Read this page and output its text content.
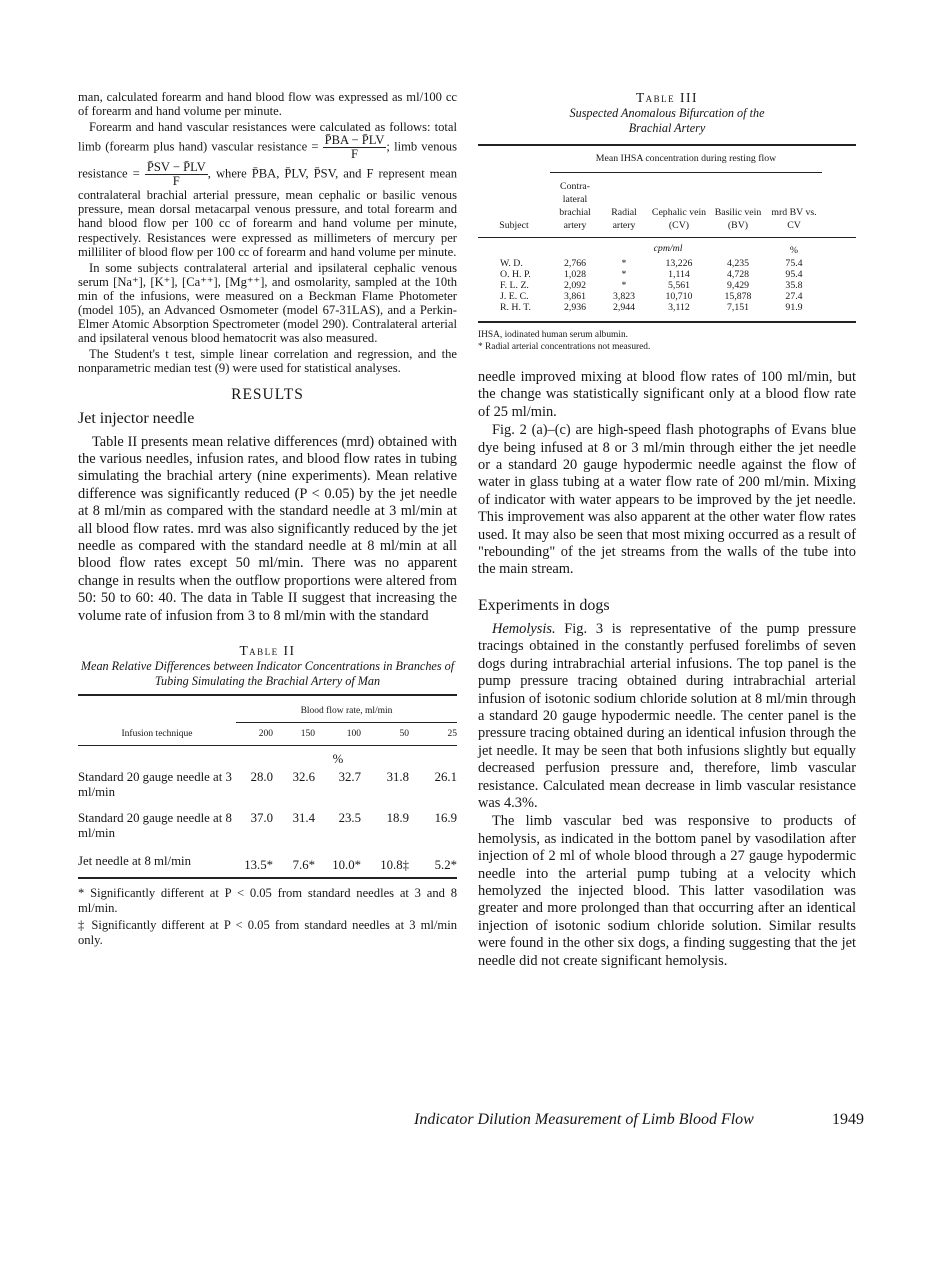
man, calculated forearm and hand blood flow was expressed as ml/100 cc of forearm and hand volume per minute.

Forearm and hand vascular resistances were calculated as follows: total limb (forearm plus hand) vascular resistance = $\frac{P̄BA - P̄LV}{F}$ ; limb venous resistance = $\frac{P̄SV - P̄LV}{F}$ , where P̄BA, P̄LV, P̄SV, and F represent mean contralateral brachial arterial pressure, mean cephalic or basilic venous pressure, mean dorsal metacarpal venous pressure, and total forearm and hand blood flow per 100 cc of forearm and hand volume per minute, respectively. Resistances were expressed as millimeters of mercury per milliliter of blood flow per 100 cc of forearm and hand volume per minute.

In some subjects contralateral arterial and ipsilateral cephalic venous serum [Na⁺], [K⁺], [Ca⁺⁺], [Mg⁺⁺], and osmolarity, sampled at the 10th min of the infusions, were measured on a Beckman Flame Photometer (model 105), an Advanced Osmometer (model 67-31LAS), and a Perkin-Elmer Atomic Absorption Spectrometer (model 290). Contralateral arterial and ipsilateral venous blood hematocrit was also measured.

The Student's t test, simple linear correlation and regression, and the nonparametric median test (9) were used for statistical analyses.

RESULTS
Jet injector needle

Table II presents mean relative differences (mrd) obtained with the various needles, infusion rates, and blood flow rates in tubing simulating the brachial artery (nine experiments). Mean relative difference was significantly reduced (P < 0.05) by the jet needle at 8 ml/min as compared with the standard needle at 3 ml/min at all blood flow rates. mrd was also significantly reduced by the jet needle as compared with the standard needle at 8 ml/min at all blood flow rates except 50 ml/min. There was no apparent change in results when the outflow proportions were altered from 50: 50 to 60: 40. The data in Table II suggest that increasing the volume rate of infusion from 3 to 8 ml/min with the standard

Table II
Mean Relative Differences between Indicator Concentrations in Branches of Tubing Simulating the Brachial Artery of Man
	Blood flow rate, ml/min				
Infusion technique	200	150	100	50	25

			%		
Standard 20 gauge needle at 3 ml/min	28.0	32.6	32.7	31.8	26.1
Standard 20 gauge needle at 8 ml/min	37.0	31.4	23.5	18.9	16.9
Jet needle at 8 ml/min	13.5*	7.6*	10.0*	10.8‡	5.2*

* Significantly different at P < 0.05 from standard needles at 3 and 8 ml/min.

‡ Significantly different at P < 0.05 from standard needles at 3 ml/min only.

Table III
Suspected Anomalous Bifurcation of the Brachial Artery

	Mean IHSA concentration during resting flow					

Subject	Contra-lateral brachial artery	Radial artery	Cephalic vein (CV)	Basilic vein (BV)	mrd BV vs. CV	

	cpm/ml				%	
W. D.	2,766	*	13,226	4,235	75.4	
O. H. P.	1,028	*	1,114	4,728	95.4	
F. L. Z.	2,092	*	5,561	9,429	35.8	
J. E. C.	3,861	3,823	10,710	15,878	27.4	
R. H. T.	2,936	2,944	3,112	7,151	91.9	

IHSA, iodinated human serum albumin.

* Radial arterial concentrations not measured.

needle improved mixing at blood flow rates of 100 ml/min, but the change was statistically significant only at a blood flow rate of 25 ml/min.

Fig. 2 (a)–(c) are high-speed flash photographs of Evans blue dye being infused at 8 or 3 ml/min through either the jet needle or a standard 20 gauge hypodermic needle against the flow of water in glass tubing at a water flow rate of 200 ml/min. Mixing of indicator with water appears to be improved by the jet needle. This improvement was also apparent at the other water flow rates used. It may also be seen that most mixing occurred as a result of "rebounding" of the jet streams from the walls of the tube into the main stream.

Experiments in dogs

Hemolysis. Fig. 3 is representative of the pump pressure tracings obtained in the constantly perfused forelimbs of seven dogs during intrabrachial arterial infusions. The top panel is the pump pressure tracing obtained during intrabrachial arterial infusion of isotonic sodium chloride solution at 8 ml/min through a standard 20 gauge hypodermic needle. The center panel is the pressure tracing obtained during an identical infusion through the jet needle. It may be seen that both infusions slightly but equally decreased perfusion pressure and, therefore, limb vascular resistance. Calculated mean decrease in limb vascular resistance was 4.3%.

The limb vascular bed was responsive to products of hemolysis, as indicated in the bottom panel by vasodilation after injection of 2 ml of whole blood through a 27 gauge hypodermic needle into the arterial pump tubing at a velocity which hemolyzed the injected blood. This latter vasodilation was greater and more prolonged than that occurring after an identical injection of isotonic sodium chloride solution. Similar results were found in the other six dogs, a finding suggesting that the jet needle did not create significant hemolysis.

Indicator Dilution Measurement of Limb Blood Flow	1949
